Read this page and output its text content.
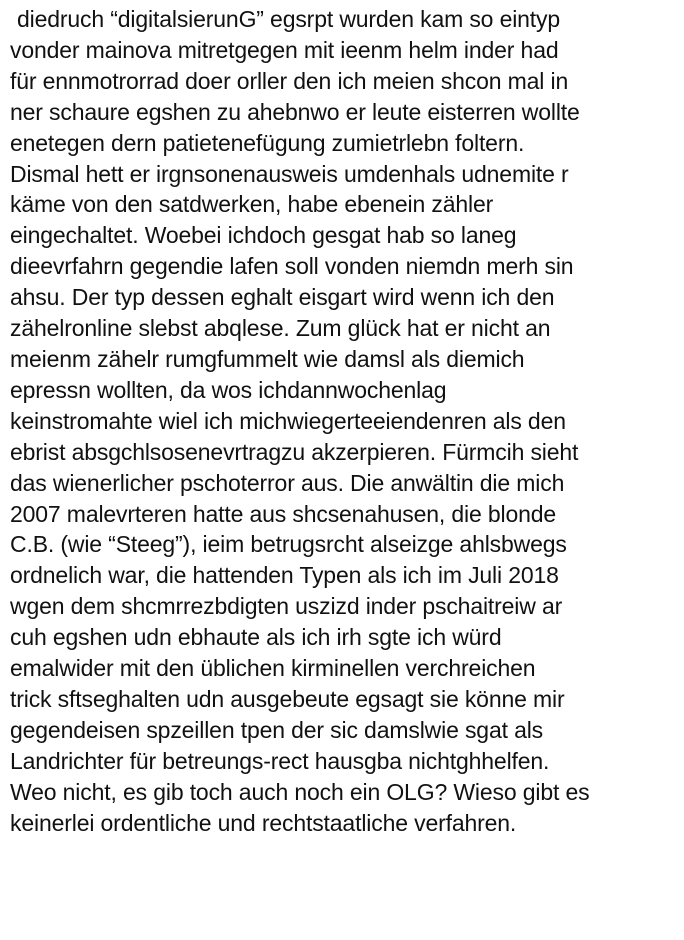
diedruch “digitalsierunG” egsrpt wurden kam so eintyp
vonder mainova mitretgegen mit ieenm helm inder had
für ennmotrorrad doer orller den ich meien shcon mal in
ner schaure egshen zu ahebnwo er leute eisterren wollte
enetegen dern patietenefügung zumietrlebn foltern.
Dismal hett er irgnsonenausweis umdenhals udnemite r
käme von den satdwerken, habe ebenein zähler
eingechaltet. Woebei ichdoch gesgat hab so laneg
dieevrfahrn gegendie lafen soll vonden niemdn merh sin
ahsu. Der typ dessen eghalt eisgart wird wenn ich den
zähelronline slebst abqlese. Zum glück hat er nicht an
meienm zähelr rumgfummelt wie damsl als diemich
epressn wollten, da wos ichdannwochenlag
keinstromahte wiel ich michwiegerteeiendenren als den
ebrist absgchlsosenevrtragzu akzerpieren. Fürmcih sieht
das wienerlicher pschoterror aus. Die anwältin die mich
2007 malevrteren hatte aus shcsenahusen, die blonde
C.B. (wie “Steeg”), ieim betrugsrcht alseizge ahlsbwegs
ordnelich war, die hattenden Typen als ich im Juli 2018
wgen dem shcmrrezbdigten uszizd inder pschaitreiw ar
cuh egshen udn ebhaute als ich irh sgte ich würd
emalwider mit den üblichen kirminellen verchreichen
trick sftseghalten udn ausgebeute egsagt sie könne mir
gegendeisen spzeillen tpen der sic damslwie sgat als
Landrichter für betreungs-rect hausgba nichtghhelfen.
Weo nicht, es gib toch auch noch ein OLG? Wieso gibt es
keinerlei ordentliche und rechtstaatliche verfahren.
